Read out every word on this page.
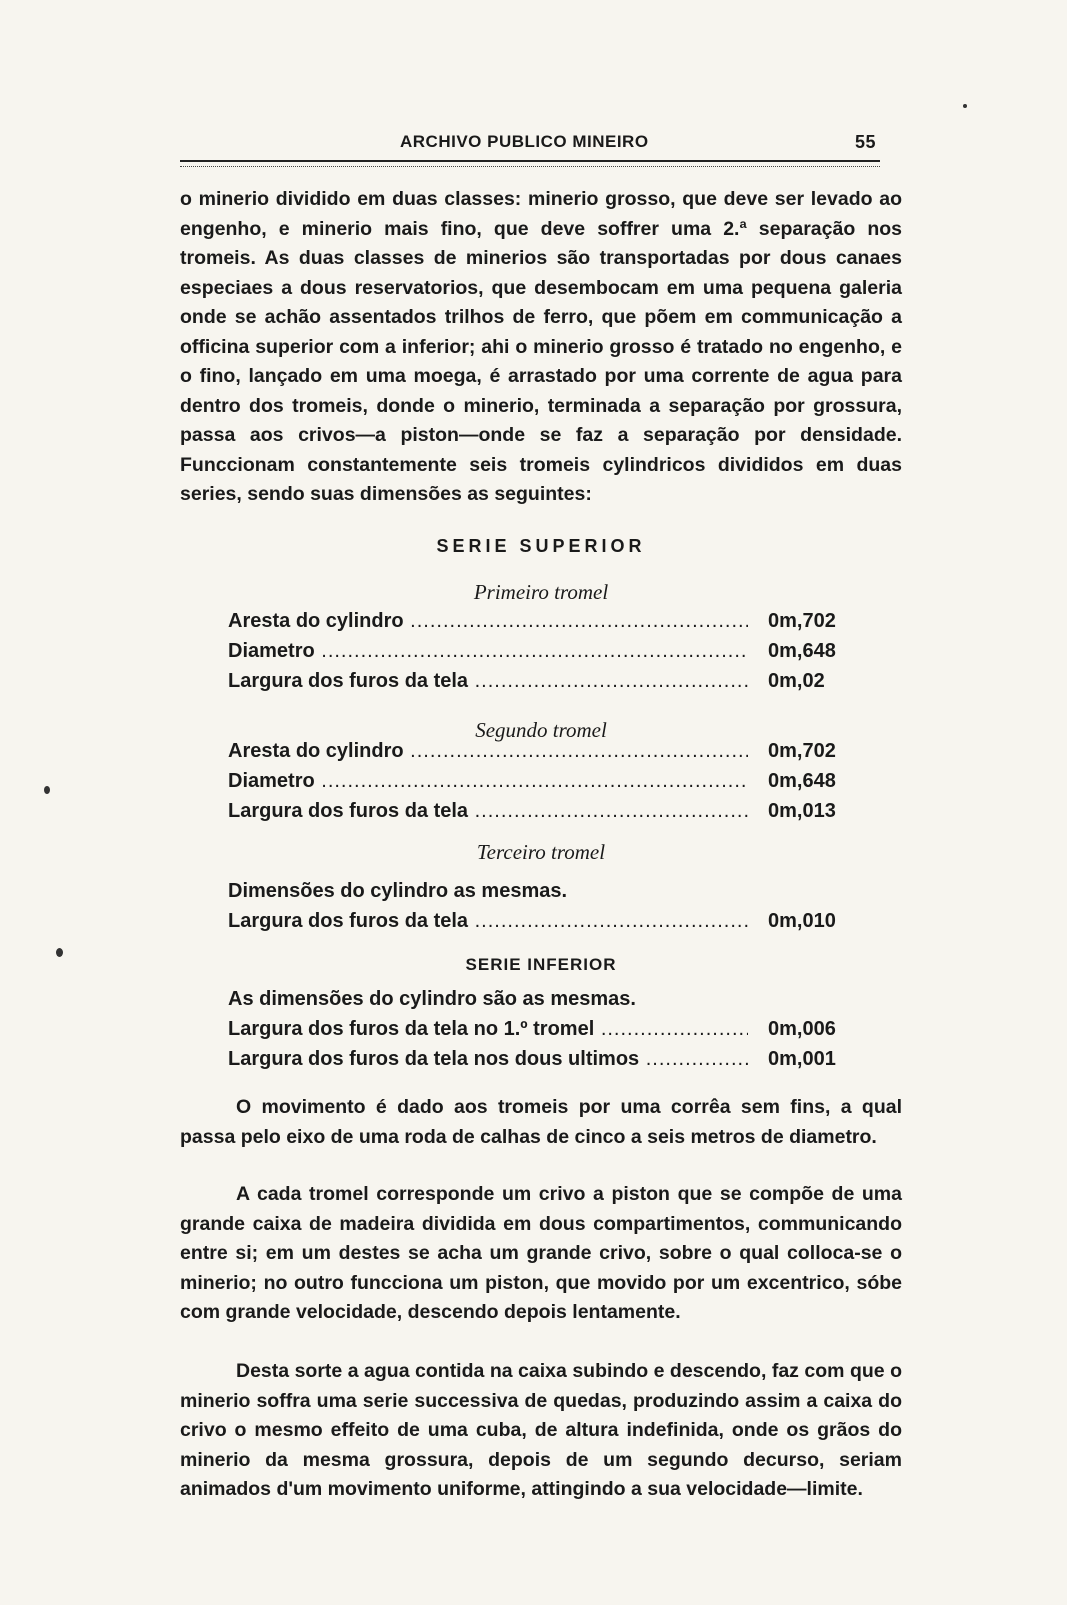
ARCHIVO PUBLICO MINEIRO	55
o minerio dividido em duas classes: minerio grosso, que deve ser levado ao engenho, e minerio mais fino, que deve soffrer uma 2.ª separação nos tromeis. As duas classes de minerios são transportadas por dous canaes especiaes a dous reservatorios, que desembocam em uma pequena galeria onde se achão assentados trilhos de ferro, que põem em communicação a officina superior com a inferior; ahi o minerio grosso é tratado no engenho, e o fino, lançado em uma moega, é arrastado por uma corrente de agua para dentro dos tromeis, donde o minerio, terminada a separação por grossura, passa aos crivos—a piston—onde se faz a separação por densidade. Funccionam constantemente seis tromeis cylindricos divididos em duas series, sendo suas dimensões as seguintes:
SERIE SUPERIOR
Primeiro tromel
Aresta do cylindro .....	0m,702
Diametro .....	0m,648
Largura dos furos da tela .....	0m,02
Segundo tromel
Aresta do cylindro .....	0m,702
Diametro .....	0m,648
Largura dos furos da tela .....	0m,013
Terceiro tromel
Dimensões do cylindro as mesmas.
Largura dos furos da tela .....	0m,010
SERIE INFERIOR
As dimensões do cylindro são as mesmas.
Largura dos furos da tela no 1.º tromel .....	0m,006
Largura dos furos da tela nos dous ultimos .....	0m,001
O movimento é dado aos tromeis por uma corrêa sem fins, a qual passa pelo eixo de uma roda de calhas de cinco a seis metros de diametro.
A cada tromel corresponde um crivo a piston que se compõe de uma grande caixa de madeira dividida em dous compartimentos, communicando entre si; em um destes se acha um grande crivo, sobre o qual colloca-se o minerio; no outro funcciona um piston, que movido por um excentrico, sóbe com grande velocidade, descendo depois lentamente.
Desta sorte a agua contida na caixa subindo e descendo, faz com que o minerio soffra uma serie successiva de quedas, produzindo assim a caixa do crivo o mesmo effeito de uma cuba, de altura indefinida, onde os grãos do minerio da mesma grossura, depois de um segundo decurso, seriam animados d'um movimento uniforme, attingindo a sua velocidade—limite.
